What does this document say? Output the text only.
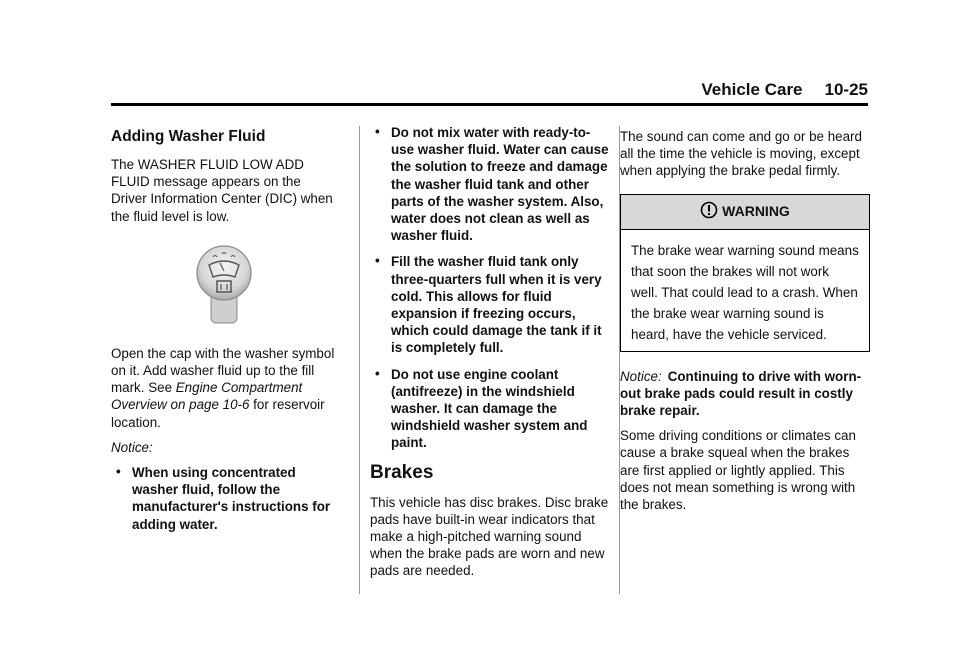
Vehicle Care 10-25
Adding Washer Fluid

The WASHER FLUID LOW ADD FLUID message appears on the Driver Information Center (DIC) when the fluid level is low.

Open the cap with the washer symbol on it. Add washer fluid up to the fill mark. See Engine Compartment Overview on page 10-6 for reservoir location.

Notice:

• When using concentrated washer fluid, follow the manufacturer's instructions for adding water.
• Do not mix water with ready-to-use washer fluid. Water can cause the solution to freeze and damage the washer fluid tank and other parts of the washer system. Also, water does not clean as well as washer fluid.
• Fill the washer fluid tank only three-quarters full when it is very cold. This allows for fluid expansion if freezing occurs, which could damage the tank if it is completely full.
• Do not use engine coolant (antifreeze) in the windshield washer. It can damage the windshield washer system and paint.
Brakes

This vehicle has disc brakes. Disc brake pads have built-in wear indicators that make a high-pitched warning sound when the brake pads are worn and new pads are needed.

The sound can come and go or be heard all the time the vehicle is moving, except when applying the brake pedal firmly.

WARNING
The brake wear warning sound means that soon the brakes will not work well. That could lead to a crash. When the brake wear warning sound is heard, have the vehicle serviced.

Notice: Continuing to drive with worn-out brake pads could result in costly brake repair.

Some driving conditions or climates can cause a brake squeal when the brakes are first applied or lightly applied. This does not mean something is wrong with the brakes.
